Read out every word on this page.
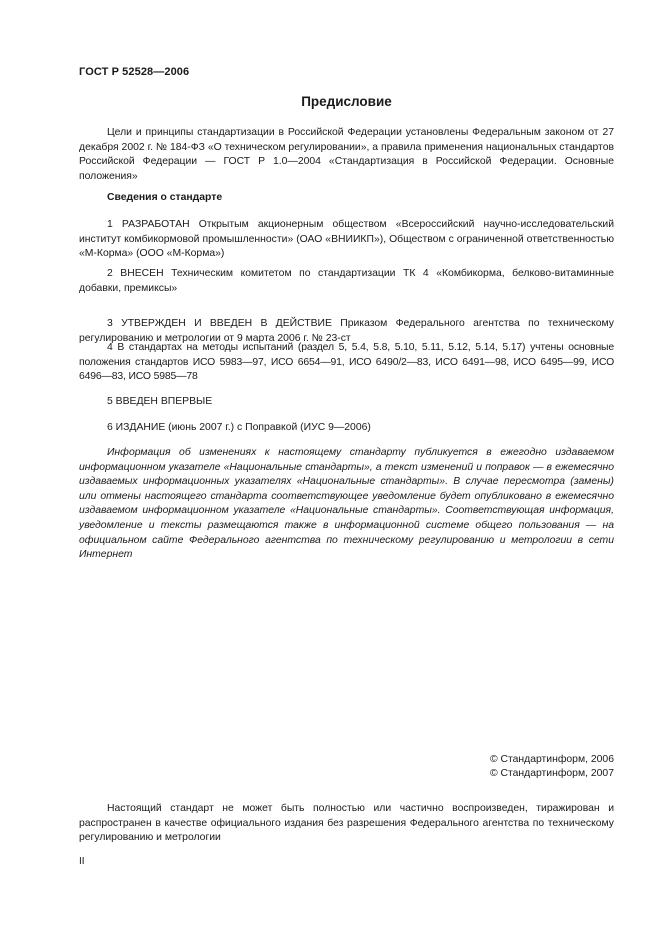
ГОСТ Р 52528—2006
Предисловие

Цели и принципы стандартизации в Российской Федерации установлены Федеральным законом от 27 декабря 2002 г. № 184-ФЗ «О техническом регулировании», а правила применения национальных стандартов Российской Федерации — ГОСТ Р 1.0—2004 «Стандартизация в Российской Федерации. Основные положения»

Сведения о стандарте

1 РАЗРАБОТАН Открытым акционерным обществом «Всероссийский научно-исследовательский институт комбикормовой промышленности» (ОАО «ВНИИКП»), Обществом с ограниченной ответственностью «М-Корма» (ООО «М-Корма»)

2 ВНЕСЕН Техническим комитетом по стандартизации ТК 4 «Комбикорма, белково-витаминные добавки, премиксы»

3 УТВЕРЖДЕН И ВВЕДЕН В ДЕЙСТВИЕ Приказом Федерального агентства по техническому регулированию и метрологии от 9 марта 2006 г. № 23-ст

4 В стандартах на методы испытаний (раздел 5, 5.4, 5.8, 5.10, 5.11, 5.12, 5.14, 5.17) учтены основные положения стандартов ИСО 5983—97, ИСО 6654—91, ИСО 6490/2—83, ИСО 6491—98, ИСО 6495—99, ИСО 6496—83, ИСО 5985—78

5 ВВЕДЕН ВПЕРВЫЕ

6 ИЗДАНИЕ (июнь 2007 г.) с Поправкой (ИУС 9—2006)

Информация об изменениях к настоящему стандарту публикуется в ежегодно издаваемом информационном указателе «Национальные стандарты», а текст изменений и поправок — в ежемесячно издаваемых информационных указателях «Национальные стандарты». В случае пересмотра (замены) или отмены настоящего стандарта соответствующее уведомление будет опубликовано в ежемесячно издаваемом информационном указателе «Национальные стандарты». Соответствующая информация, уведомление и тексты размещаются также в информационной системе общего пользования — на официальном сайте Федерального агентства по техническому регулированию и метрологии в сети Интернет

© Стандартинформ, 2006
© Стандартинформ, 2007

Настоящий стандарт не может быть полностью или частично воспроизведен, тиражирован и распространен в качестве официального издания без разрешения Федерального агентства по техническому регулированию и метрологии

II
